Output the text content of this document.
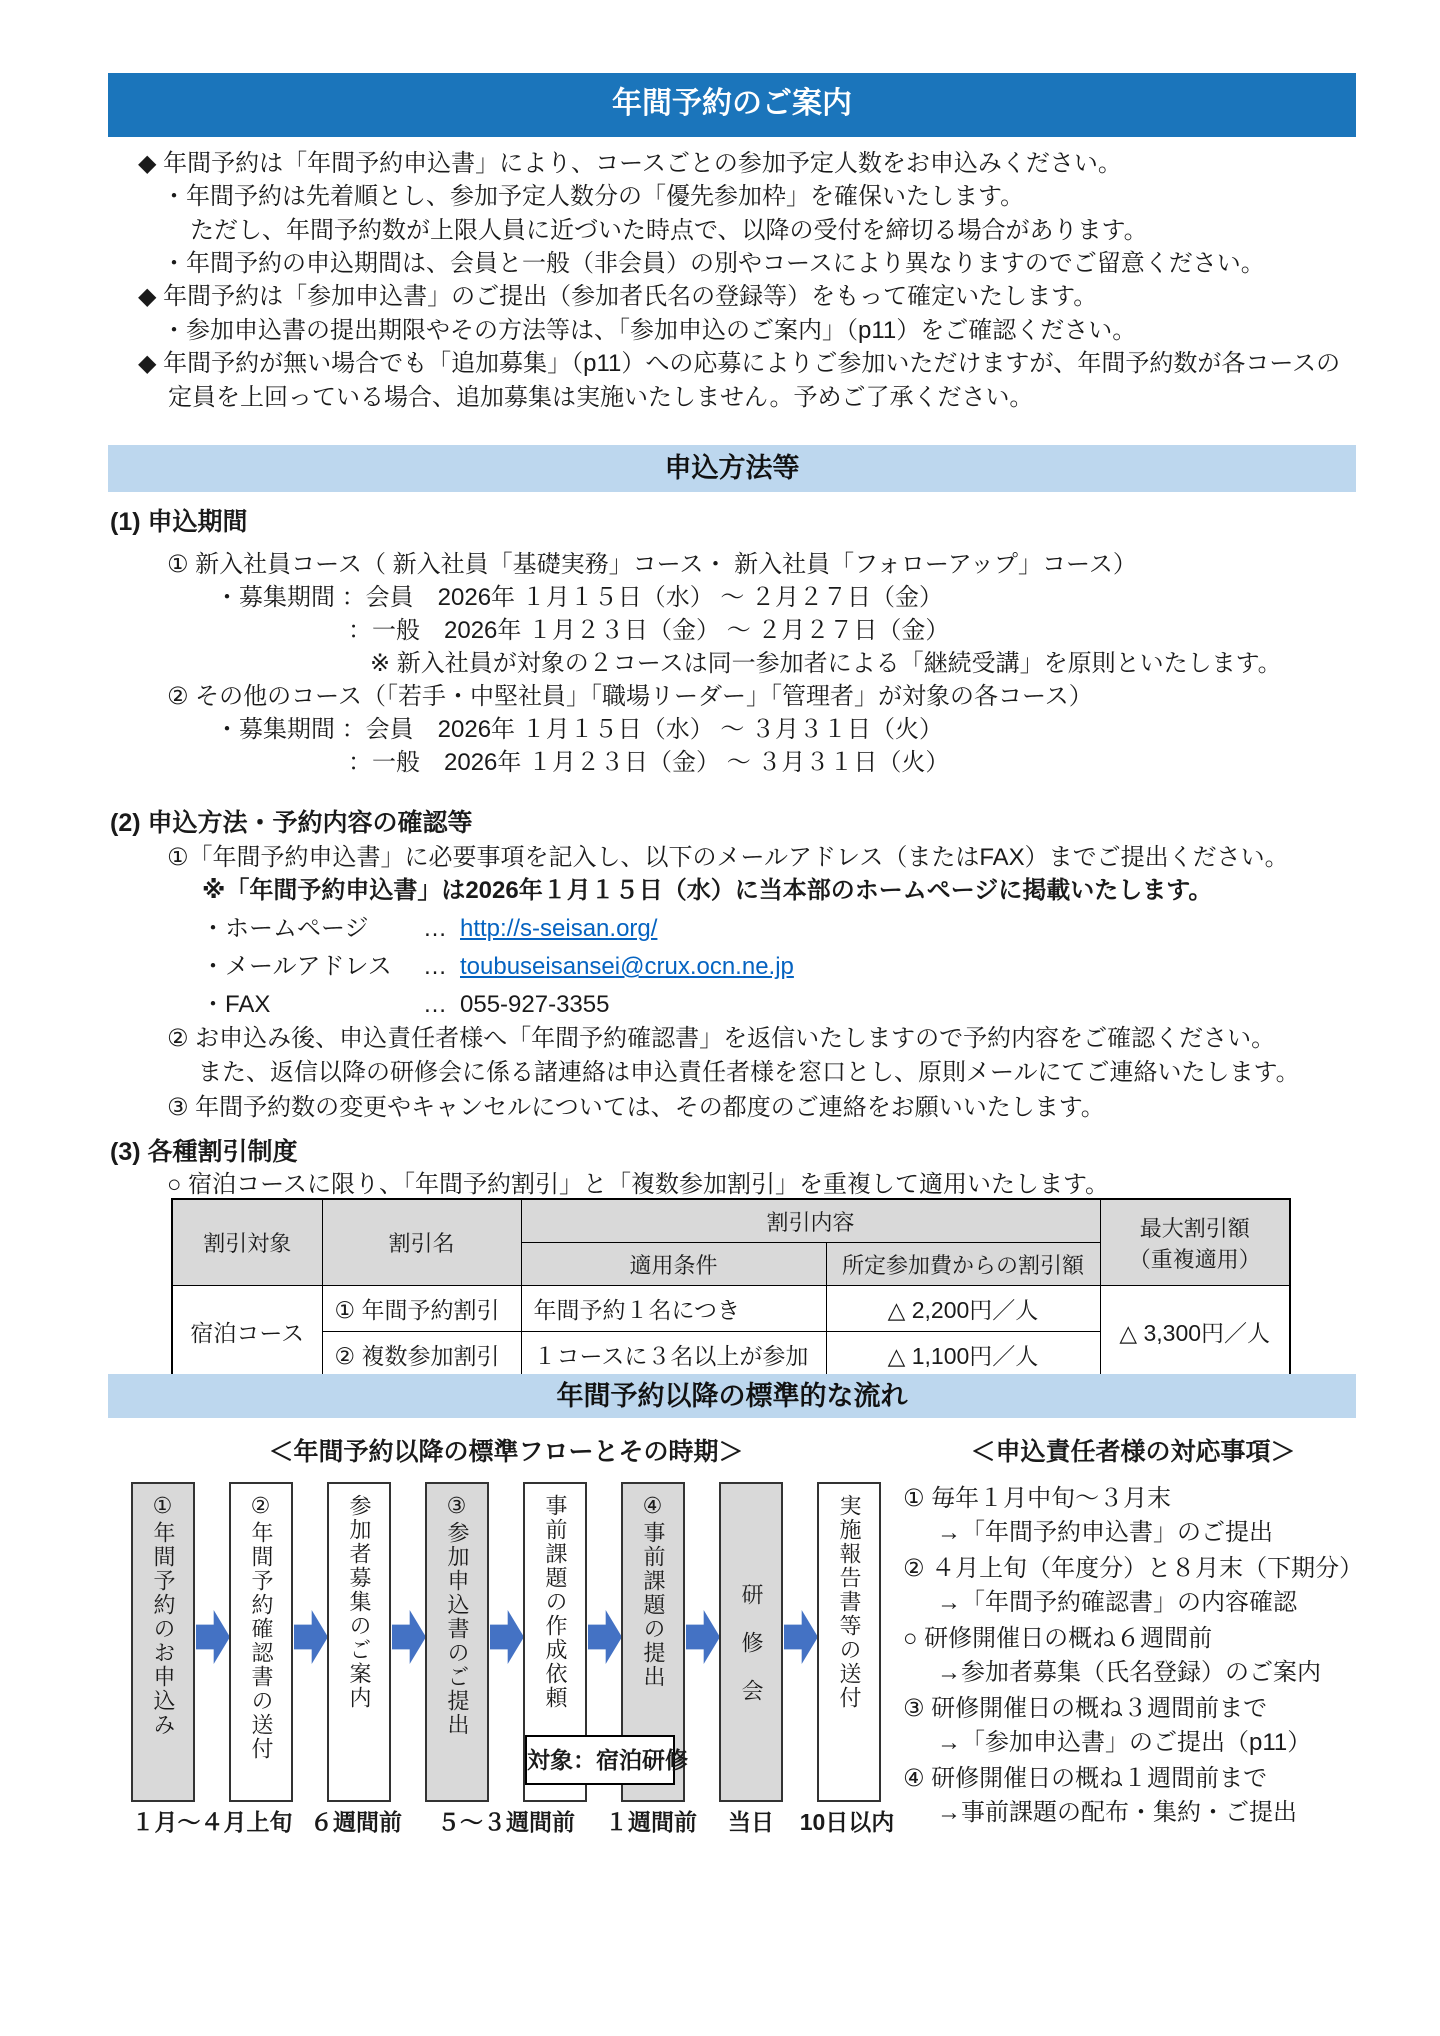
年間予約のご案内
◆ 年間予約は「年間予約申込書」により、コースごとの参加予定人数をお申込みください。
・年間予約は先着順とし、参加予定人数分の「優先参加枠」を確保いたします。
ただし、年間予約数が上限人員に近づいた時点で、以降の受付を締切る場合があります。
・年間予約の申込期間は、会員と一般（非会員）の別やコースにより異なりますのでご留意ください。
◆ 年間予約は「参加申込書」のご提出（参加者氏名の登録等）をもって確定いたします。
・参加申込書の提出期限やその方法等は、「参加申込のご案内」（p11）をご確認ください。
◆ 年間予約が無い場合でも「追加募集」（p11）への応募によりご参加いただけますが、年間予約数が各コースの定員を上回っている場合、追加募集は実施いたしません。予めご了承ください。
申込方法等
(1) 申込期間
① 新入社員コース（ 新入社員「基礎実務」コース・ 新入社員「フォローアップ」コース）
・募集期間 ：会員　2026年 １月１５日（水） ～ ２月２７日（金）
：一般　2026年 １月２３日（金） ～ ２月２７日（金）
※ 新入社員が対象の２コースは同一参加者による「継続受講」を原則といたします。
② その他のコース（「若手・中堅社員」「職場リーダー」「管理者」が対象の各コース）
・募集期間 ：会員　2026年 １月１５日（水） ～ ３月３１日（火）
：一般　2026年 １月２３日（金） ～ ３月３１日（火）
(2) 申込方法・予約内容の確認等
①「年間予約申込書」に必要事項を記入し、以下のメールアドレス（またはFAX）までご提出ください。
※「年間予約申込書」は2026年１月１５日（水）に当本部のホームページに掲載いたします。
・ホームページ	… http://s-seisan.org/
・メールアドレス	… toubuseisansei@crux.ocn.ne.jp
・FAX	… 055-927-3355
② お申込み後、申込責任者様へ「年間予約確認書」を返信いたしますので予約内容をご確認ください。
また、返信以降の研修会に係る諸連絡は申込責任者様を窓口とし、原則メールにてご連絡いたします。
③ 年間予約数の変更やキャンセルについては、その都度のご連絡をお願いいたします。
(3) 各種割引制度
○ 宿泊コースに限り、「年間予約割引」と「複数参加割引」を重複して適用いたします。
割引対象	割引名	割引内容		最大割引額
（重複適用）

		適用条件	所定参加費からの割引額	
宿泊コース	① 年間予約割引	年間予約１名につき	△ 2,200円／人	△ 3,300円／人
	② 複数参加割引	１コースに３名以上が参加	△ 1,100円／人	
年間予約以降の標準的な流れ
＜年間予約以降の標準フローとその時期＞	＜申込責任者様の対応事項＞
①年間予約のお申込み	②年間予約確認書の送付	参加者募集のご案内	③参加申込書のご提出	事前課題の作成依頼	④事前課題の提出	研修会	実施報告書等の送付
対象：宿泊研修
１月～４月上旬 ６週間前	５～３週間前	１週間前	当日	10日以内
① 毎年１月中旬～３月末
→「年間予約申込書」のご提出
② ４月上旬（年度分）と８月末（下期分）
→「年間予約確認書」の内容確認
○ 研修開催日の概ね６週間前
→参加者募集（氏名登録）のご案内
③ 研修開催日の概ね３週間前まで
→「参加申込書」のご提出（p11）
④ 研修開催日の概ね１週間前まで
→事前課題の配布・集約・ご提出
